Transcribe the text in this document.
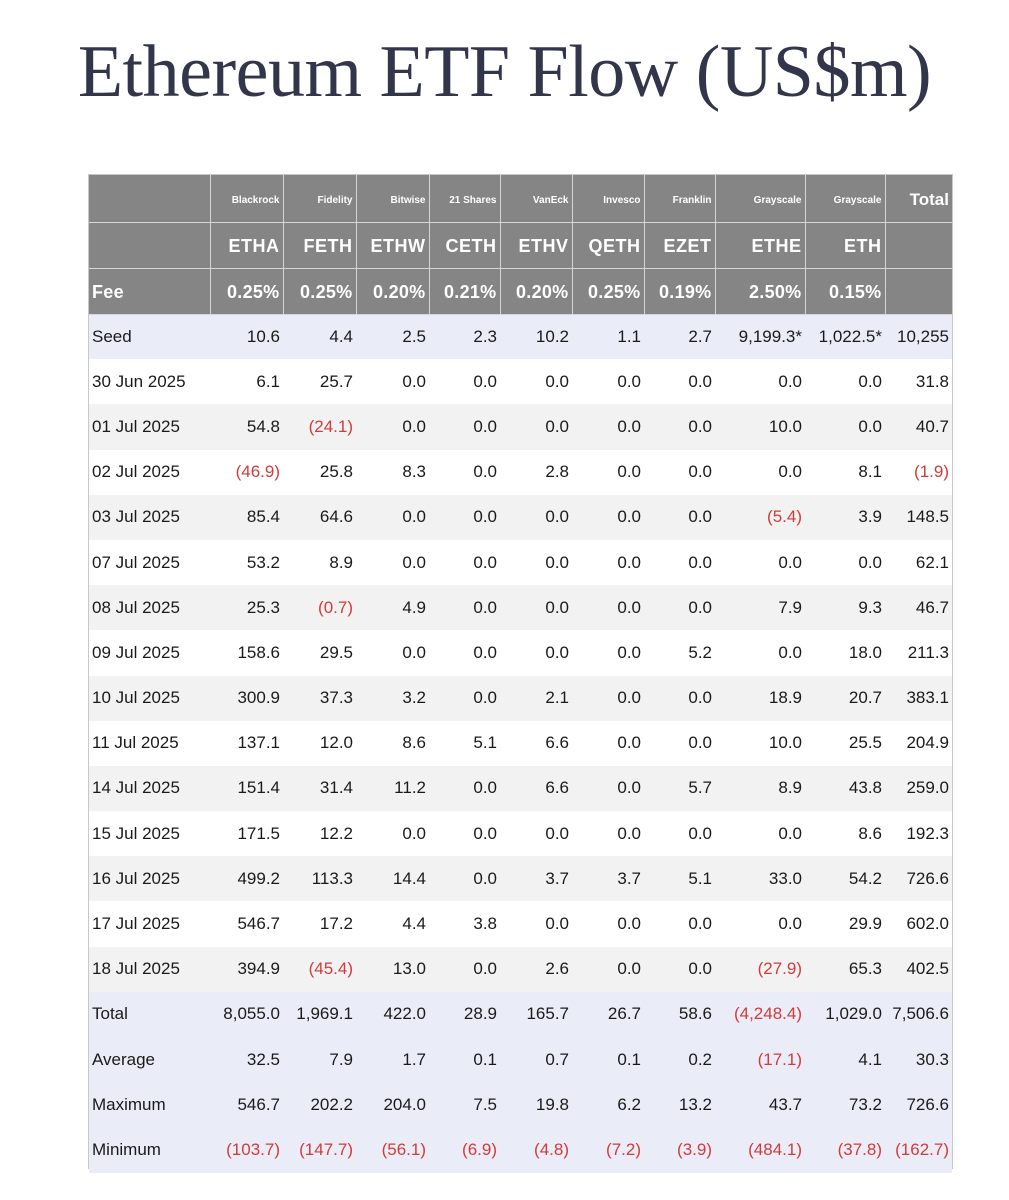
Ethereum ETF Flow (US$m)
	Blackrock	Fidelity	Bitwise	21 Shares	VanEck	Invesco	Franklin	Grayscale	Grayscale	Total
	ETHA	FETH	ETHW	CETH	ETHV	QETH	EZET	ETHE	ETH	
Fee	0.25%	0.25%	0.20%	0.21%	0.20%	0.25%	0.19%	2.50%	0.15%	
Seed	10.6	4.4	2.5	2.3	10.2	1.1	2.7	9,199.3*	1,022.5*	10,255
30 Jun 2025	6.1	25.7	0.0	0.0	0.0	0.0	0.0	0.0	0.0	31.8
01 Jul 2025	54.8	(24.1)	0.0	0.0	0.0	0.0	0.0	10.0	0.0	40.7
02 Jul 2025	(46.9)	25.8	8.3	0.0	2.8	0.0	0.0	0.0	8.1	(1.9)
03 Jul 2025	85.4	64.6	0.0	0.0	0.0	0.0	0.0	(5.4)	3.9	148.5
07 Jul 2025	53.2	8.9	0.0	0.0	0.0	0.0	0.0	0.0	0.0	62.1
08 Jul 2025	25.3	(0.7)	4.9	0.0	0.0	0.0	0.0	7.9	9.3	46.7
09 Jul 2025	158.6	29.5	0.0	0.0	0.0	0.0	5.2	0.0	18.0	211.3
10 Jul 2025	300.9	37.3	3.2	0.0	2.1	0.0	0.0	18.9	20.7	383.1
11 Jul 2025	137.1	12.0	8.6	5.1	6.6	0.0	0.0	10.0	25.5	204.9
14 Jul 2025	151.4	31.4	11.2	0.0	6.6	0.0	5.7	8.9	43.8	259.0
15 Jul 2025	171.5	12.2	0.0	0.0	0.0	0.0	0.0	0.0	8.6	192.3
16 Jul 2025	499.2	113.3	14.4	0.0	3.7	3.7	5.1	33.0	54.2	726.6
17 Jul 2025	546.7	17.2	4.4	3.8	0.0	0.0	0.0	0.0	29.9	602.0
18 Jul 2025	394.9	(45.4)	13.0	0.0	2.6	0.0	0.0	(27.9)	65.3	402.5
Total	8,055.0	1,969.1	422.0	28.9	165.7	26.7	58.6	(4,248.4)	1,029.0	7,506.6
Average	32.5	7.9	1.7	0.1	0.7	0.1	0.2	(17.1)	4.1	30.3
Maximum	546.7	202.2	204.0	7.5	19.8	6.2	13.2	43.7	73.2	726.6
Minimum	(103.7)	(147.7)	(56.1)	(6.9)	(4.8)	(7.2)	(3.9)	(484.1)	(37.8)	(162.7)
